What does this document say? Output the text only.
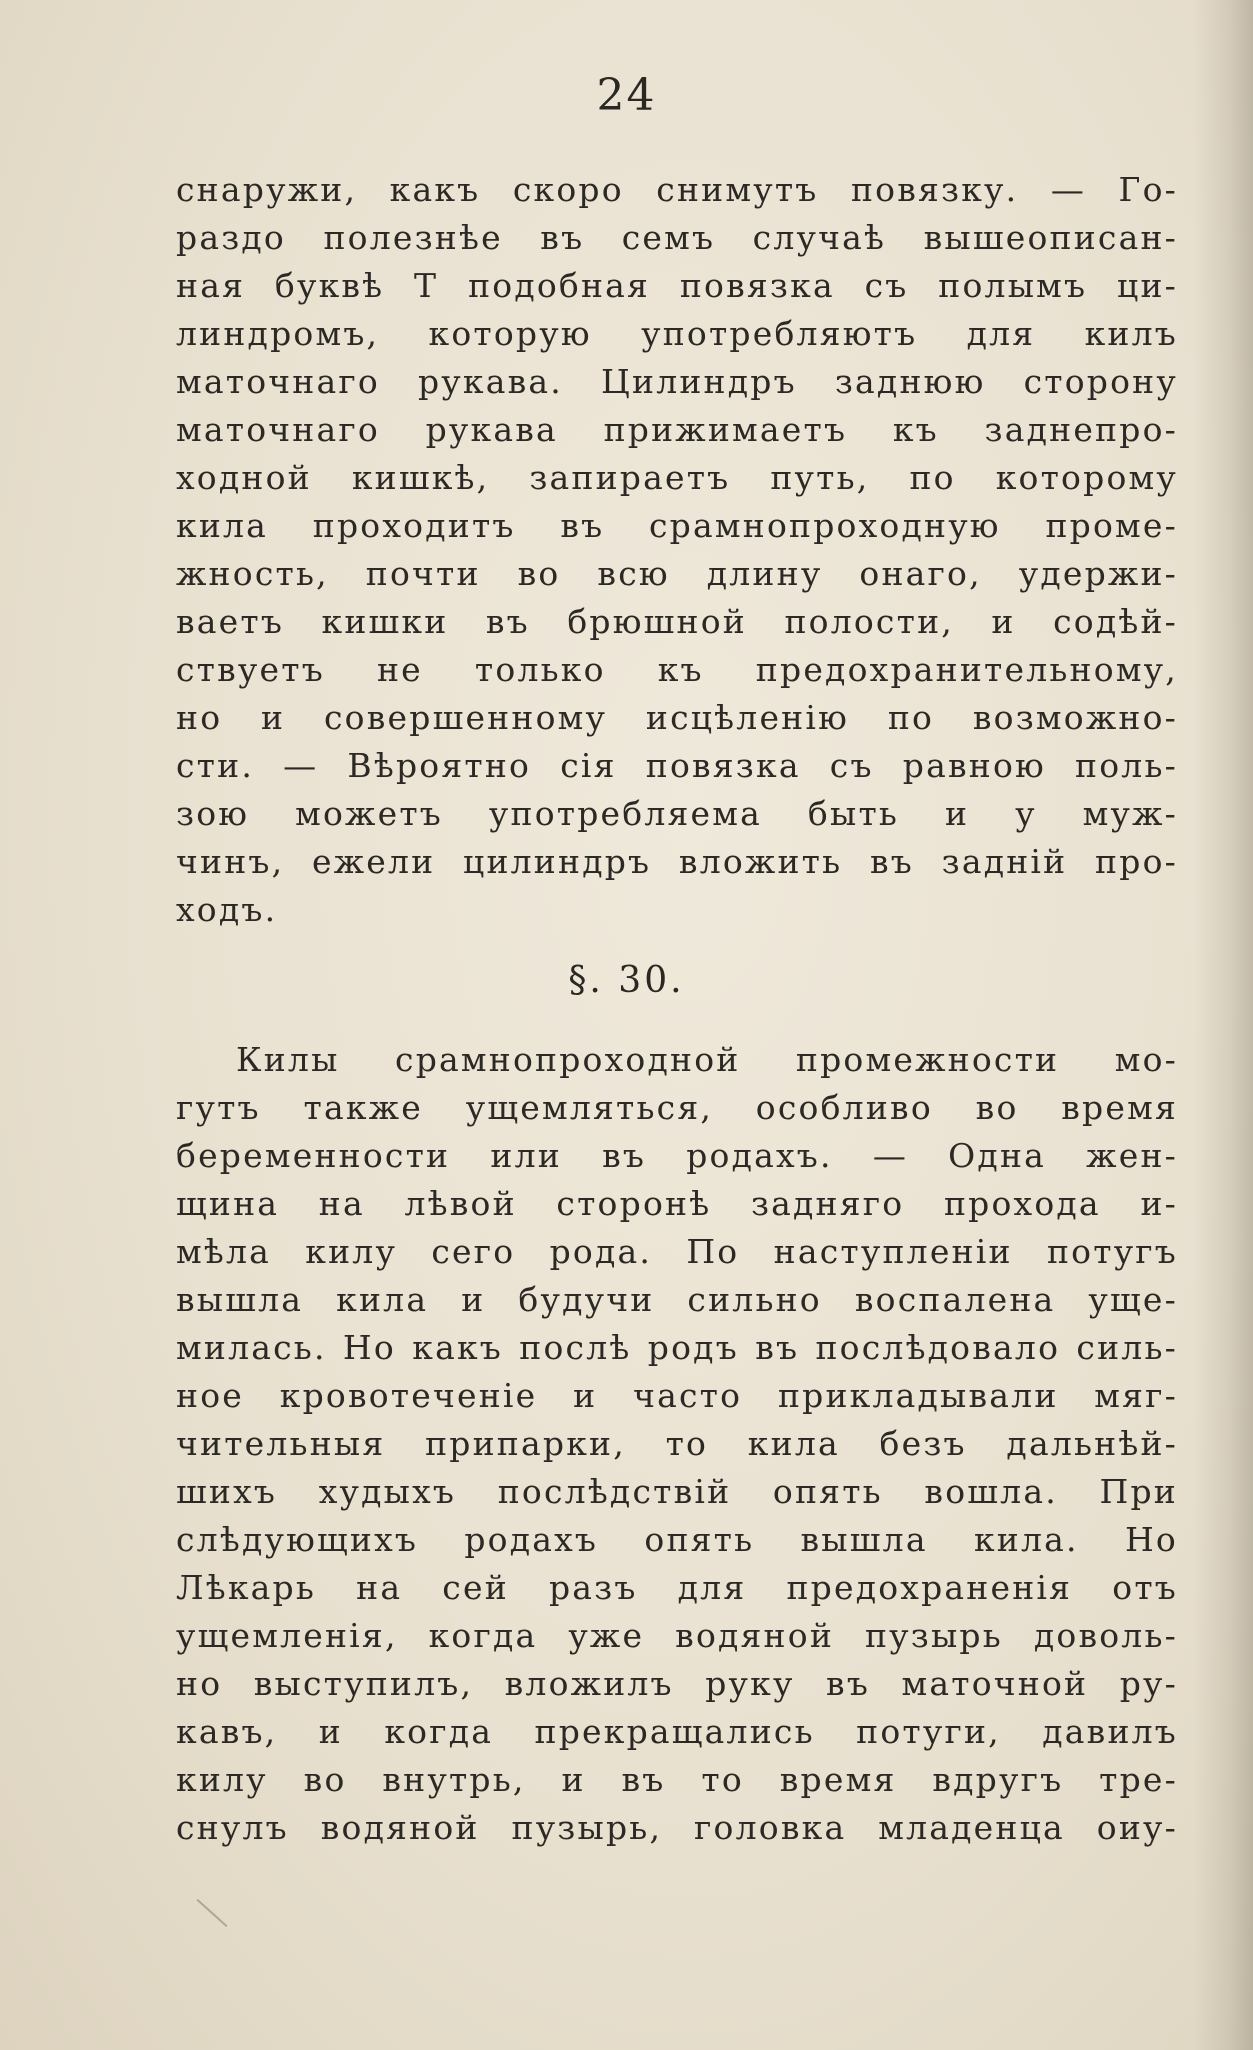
24
снаружи, какъ скоро снимутъ повязку. — Го-
раздо полезнѣе въ семъ случаѣ вышеописан-
ная буквѣ Т подобная повязка съ полымъ ци-
линдромъ, которую употребляютъ для килъ
маточнаго рукава. Цилиндръ заднюю сторону
маточнаго рукава прижимаетъ къ заднепро-
ходной кишкѣ, запираетъ путь, по которому
кила проходитъ въ срамнопроходную проме-
жность, почти во всю длину онаго, удержи-
ваетъ кишки въ брюшной полости, и содѣй-
ствуетъ не только къ предохранительному,
но и совершенному исцѣленію по возможно-
сти. — Вѣроятно сія повязка съ равною поль-
зою можетъ употребляема быть и у муж-
чинъ, ежели цилиндръ вложить въ заднiй про-
ходъ.
§. 30.
Килы срамнопроходной промежности мо-
гутъ также ущемляться, особливо во время
беременности или въ родахъ. — Одна жен-
щина на лѣвой сторонѣ задняго прохода и-
мѣла килу сего рода. По наступленiи потугъ
вышла кила и будучи сильно воспалена уще-
милась. Но какъ послѣ родъ въ послѣдовало силь-
ное кровотеченiе и часто прикладывали мяг-
чительныя припарки, то кила безъ дальнѣй-
шихъ худыхъ послѣдствiй опять вошла. При
слѣдующихъ родахъ опять вышла кила. Но
Лѣкарь на сей разъ для предохраненiя отъ
ущемленiя, когда уже водяной пузырь доволь-
но выступилъ, вложилъ руку въ маточной ру-
кавъ, и когда прекращались потуги, давилъ
килу во внутрь, и въ то время вдругъ тре-
снулъ водяной пузырь, головка младенца оиу-
